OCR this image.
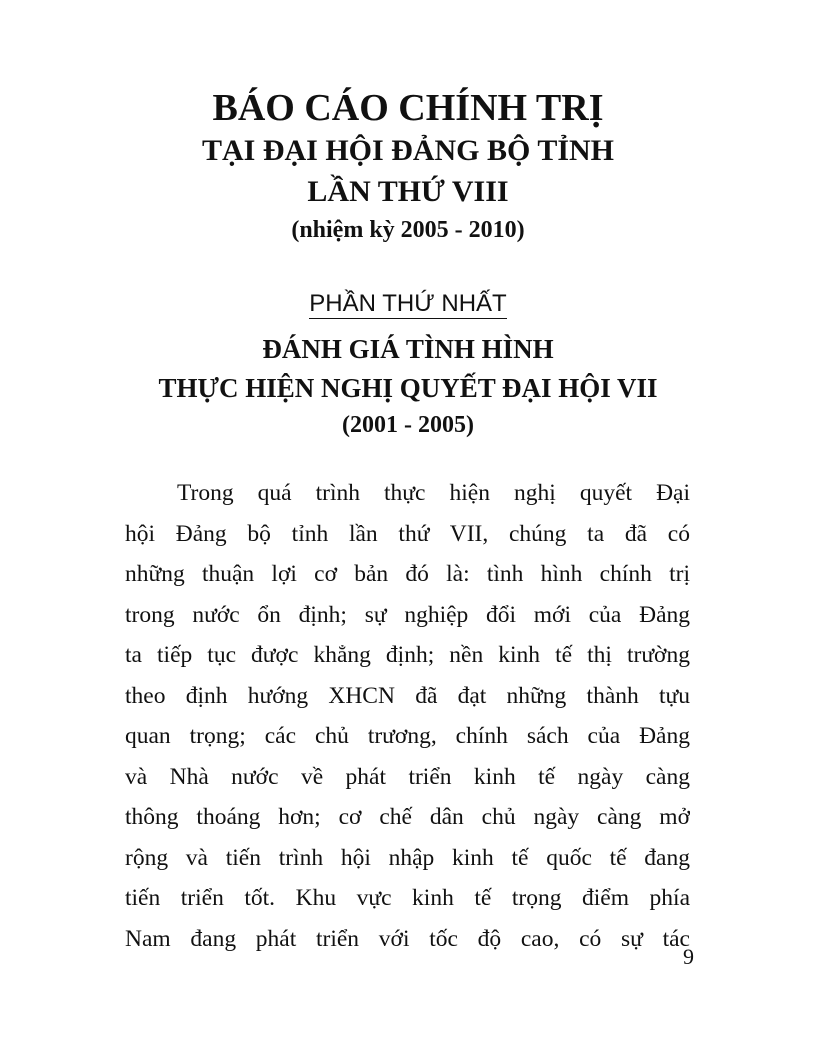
BÁO CÁO CHÍNH TRỊ
TẠI ĐẠI HỘI ĐẢNG BỘ TỈNH
LẦN THỨ VIII
(nhiệm kỳ 2005 - 2010)
PHẦN THỨ NHẤT
ĐÁNH GIÁ TÌNH HÌNH
THỰC HIỆN NGHỊ QUYẾT ĐẠI HỘI VII
(2001 - 2005)
Trong quá trình thực hiện nghị quyết Đại
hội Đảng bộ tỉnh lần thứ VII, chúng ta đã có
những thuận lợi cơ bản đó là: tình hình chính trị
trong nước ổn định; sự nghiệp đổi mới của Đảng
ta tiếp tục được khẳng định; nền kinh tế thị trường
theo định hướng XHCN đã đạt những thành tựu
quan trọng; các chủ trương, chính sách của Đảng
và Nhà nước về phát triển kinh tế ngày càng
thông thoáng hơn; cơ chế dân chủ ngày càng mở
rộng và tiến trình hội nhập kinh tế quốc tế đang
tiến triển tốt. Khu vực kinh tế trọng điểm phía
Nam đang phát triển với tốc độ cao, có sự tác
9
